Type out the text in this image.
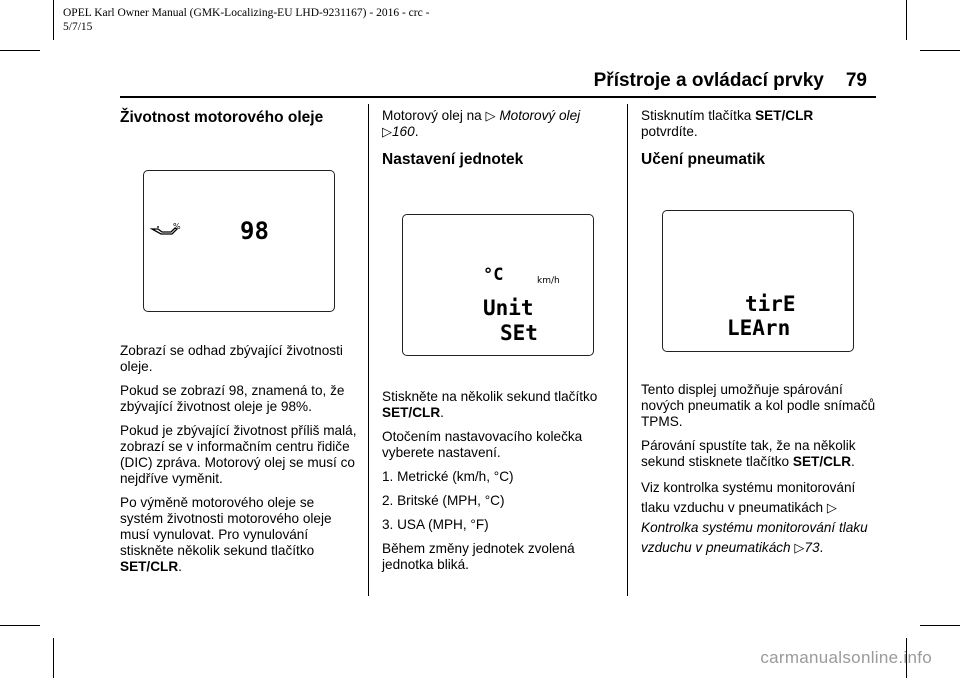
OPEL Karl Owner Manual (GMK-Localizing-EU LHD-9231167) - 2016 - crc -
5/7/15
Přístroje a ovládací prvky 79
Životnost motorového oleje
% 98

Zobrazí se odhad zbývající životnosti oleje.

Pokud se zobrazí 98, znamená to, že zbývající životnost oleje je 98%.

Pokud je zbývající životnost příliš malá, zobrazí se v informačním centru řidiče (DIC) zpráva. Motorový olej se musí co nejdříve vyměnit.

Po výměně motorového oleje se systém životnosti motorového oleje musí vynulovat. Pro vynulování stiskněte několik sekund tlačítko SET/CLR.

Motorový olej na ▷ Motorový olej ▷160.

Nastavení jednotek
°C	km/h
Unit
SEt

Stiskněte na několik sekund tlačítko SET/CLR.

Otočením nastavovacího kolečka vyberete nastavení.

1. Metrické (km/h, °C)

2. Britské (MPH, °C)

3. USA (MPH, °F)

Během změny jednotek zvolená jednotka bliká.

Stisknutím tlačítka SET/CLR
potvrdíte.

Učení pneumatik
tirE
LEArn

Tento displej umožňuje spárování nových pneumatik a kol podle snímačů TPMS.

Párování spustíte tak, že na několik sekund stisknete tlačítko SET/CLR.

Viz kontrolka systému monitorování tlaku vzduchu v pneumatikách ▷
Kontrolka systému monitorování tlaku vzduchu v pneumatikách ▷73.

carmanualsonline.info
